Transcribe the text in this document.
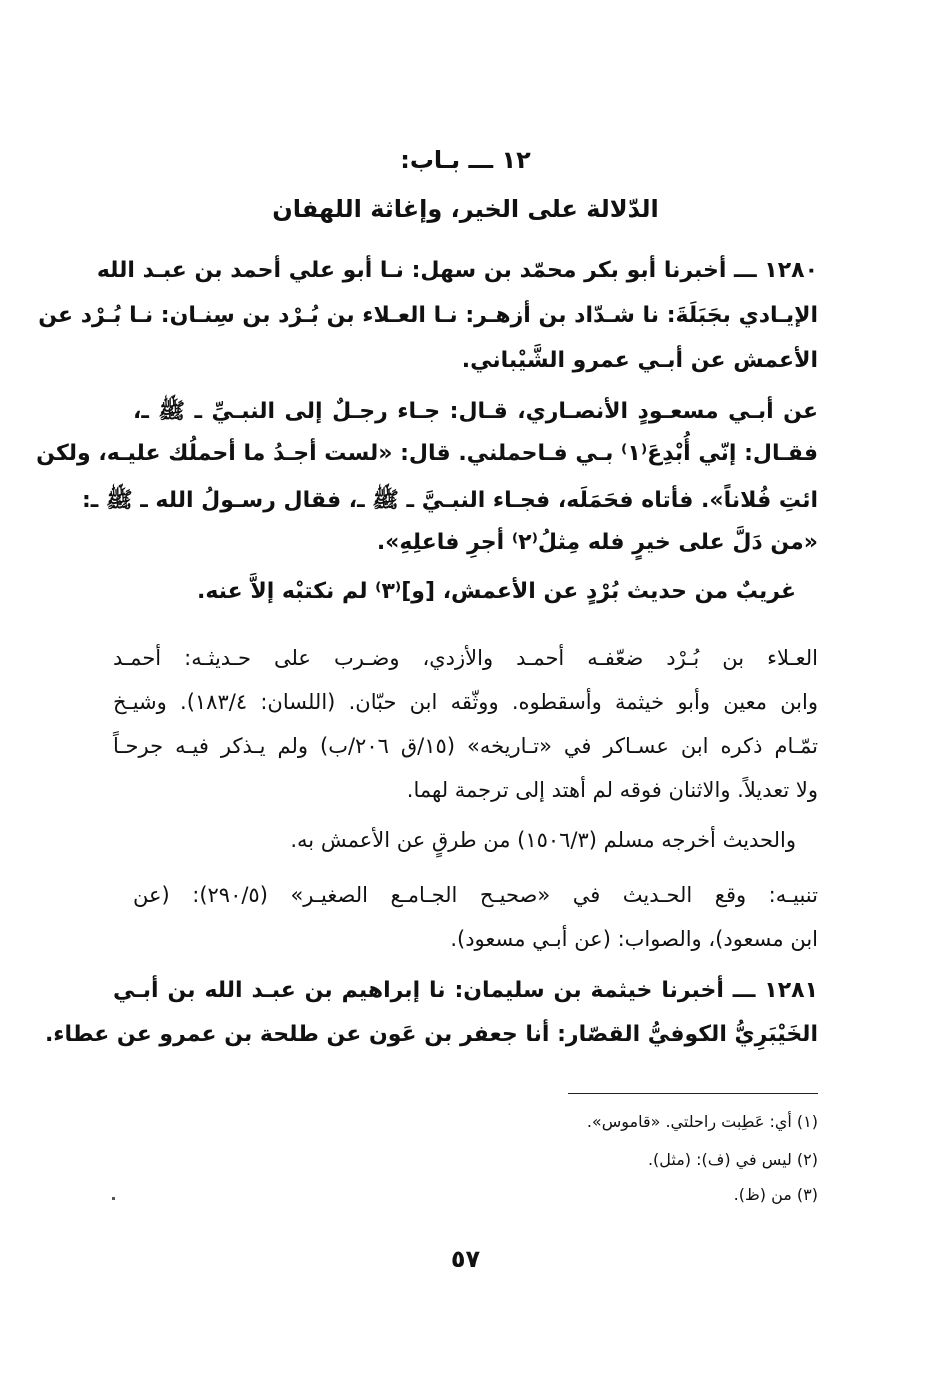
١٢ ـــ بـاب:
الدّلالة على الخير، وإغاثة اللهفان
١٢٨٠ ـــ أخبرنا أبو بكر محمّد بن سهل: نـا أبو علي أحمد بن عبـد الله
الإيـادي بجَبَلَةَ: نا شـدّاد بن أزهـر: نـا العـلاء بن بُـرْد بن سِنـان: نـا بُـرْد عن
الأعمش عن أبـي عمرو الشَّيْباني.
عن أبـي مسعـودٍ الأنصـاري، قـال: جـاء رجـلٌ إلى النبـيِّ ـ ﷺ ـ،
فقـال: إنّي أُبْدِعَ⁽١⁾ بـي فـاحملني. قال: «لست أجـدُ ما أحملُك عليـه، ولكن
ائتِ فُلاناً». فأتاه فحَمَلَه، فجـاء النبـيَّ ـ ﷺ ـ، فقال رسـولُ الله ـ ﷺ ـ:
«من دَلَّ على خيرٍ فله مِثلُ⁽٢⁾ أجرِ فاعلِهِ».
غريبٌ من حديث بُرْدٍ عن الأعمش، [و]⁽٣⁾ لم نكتبْه إلاَّ عنه.
العـلاء بن بُـرْد ضعّفـه أحمـد والأزدي، وضـرب على حـديثـه: أحمـد
وابن معين وأبو خيثمة وأسقطوه. ووثّقه ابن حبّان. (اللسان: ١٨٣/٤). وشيـخ
تمّـام ذكره ابن عسـاكر في «تـاريخه» (١٥/ق ٢٠٦/ب) ولم يـذكر فيـه جرحـاً
ولا تعديلاً. والاثنان فوقه لم أهتد إلى ترجمة لهما.
والحديث أخرجه مسلم (١٥٠٦/٣) من طرقٍ عن الأعمش به.
تنبيـه: وقع الحـديث في «صحيـح الجـامـع الصغيـر» (٢٩٠/٥): (عن
ابن مسعود)، والصواب: (عن أبـي مسعود).
١٢٨١ ـــ أخبرنا خيثمة بن سليمان: نا إبراهيم بن عبـد الله بن أبـي
الخَيْبَرِيُّ الكوفيُّ القصّار: أنا جعفر بن عَون عن طلحة بن عمرو عن عطاء.
(١) أي: عَطِبت راحلتي. «قاموس».
(٢) ليس في (ف): (مثل).
(٣) من (ظ).
٥٧
